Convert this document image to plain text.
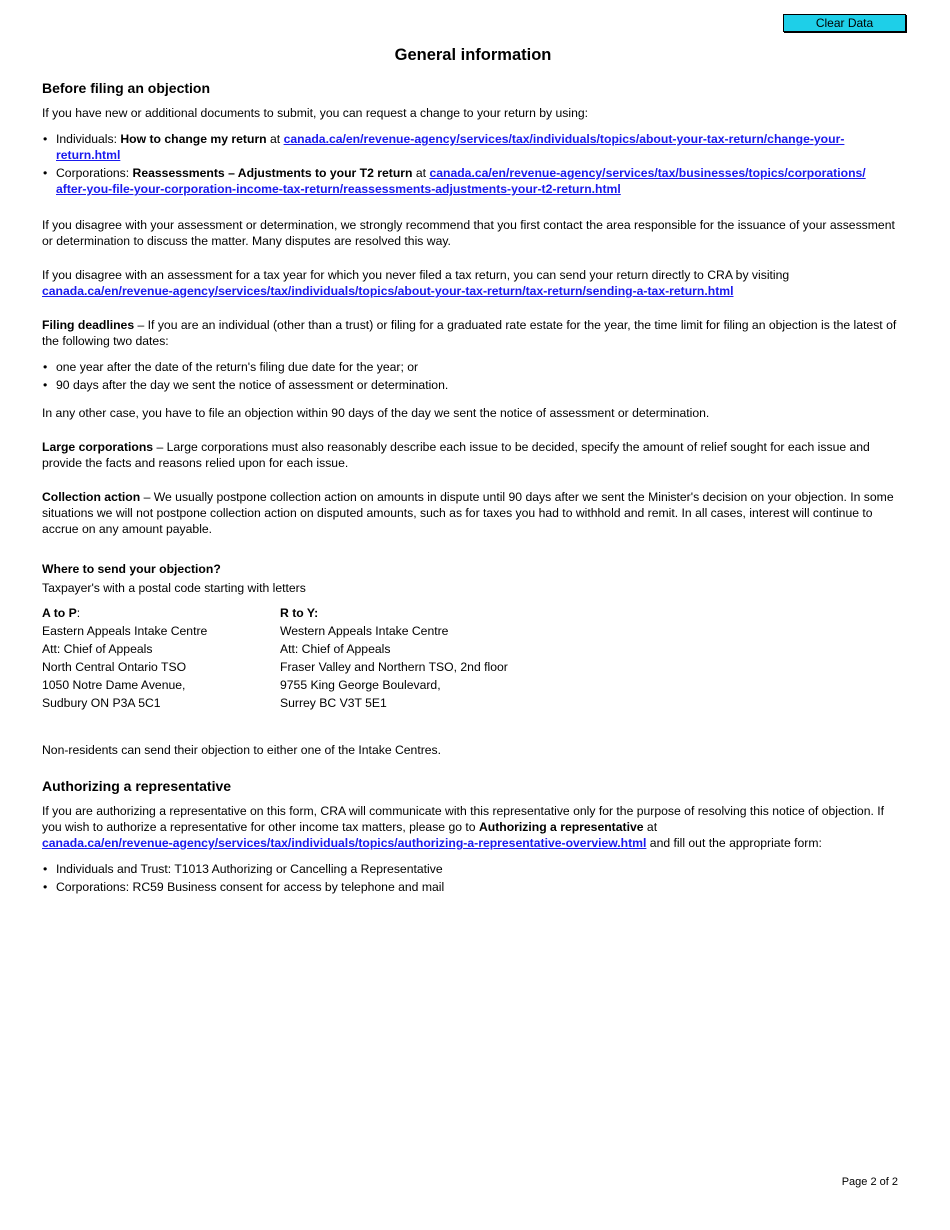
Clear Data
General information
Before filing an objection

If you have new or additional documents to submit, you can request a change to your return by using:

• Individuals: How to change my return at canada.ca/en/revenue-agency/services/tax/individuals/topics/about-your-tax-return/change-your-return.html
• Corporations: Reassessments – Adjustments to your T2 return at canada.ca/en/revenue-agency/services/tax/businesses/topics/corporations/
after-you-file-your-corporation-income-tax-return/reassessments-adjustments-your-t2-return.html

If you disagree with your assessment or determination, we strongly recommend that you first contact the area responsible for the issuance of your assessment or determination to discuss the matter. Many disputes are resolved this way.

If you disagree with an assessment for a tax year for which you never filed a tax return, you can send your return directly to CRA by visiting
canada.ca/en/revenue-agency/services/tax/individuals/topics/about-your-tax-return/tax-return/sending-a-tax-return.html

Filing deadlines – If you are an individual (other than a trust) or filing for a graduated rate estate for the year, the time limit for filing an objection is the latest of the following two dates:

• one year after the date of the return's filing due date for the year; or
• 90 days after the day we sent the notice of assessment or determination.

In any other case, you have to file an objection within 90 days of the day we sent the notice of assessment or determination.

Large corporations – Large corporations must also reasonably describe each issue to be decided, specify the amount of relief sought for each issue and provide the facts and reasons relied upon for each issue.

Collection action – We usually postpone collection action on amounts in dispute until 90 days after we sent the Minister's decision on your objection. In some situations we will not postpone collection action on disputed amounts, such as for taxes you had to withhold and remit. In all cases, interest will continue to accrue on any amount payable.

Where to send your objection?

Taxpayer's with a postal code starting with letters

A to P:
Eastern Appeals Intake Centre
Att: Chief of Appeals
North Central Ontario TSO
1050 Notre Dame Avenue,
Sudbury ON P3A 5C1
R to Y:
Western Appeals Intake Centre
Att: Chief of Appeals
Fraser Valley and Northern TSO, 2nd floor
9755 King George Boulevard,
Surrey BC V3T 5E1

Non-residents can send their objection to either one of the Intake Centres.

Authorizing a representative

If you are authorizing a representative on this form, CRA will communicate with this representative only for the purpose of resolving this notice of objection. If you wish to authorize a representative for other income tax matters, please go to Authorizing a representative at
canada.ca/en/revenue-agency/services/tax/individuals/topics/authorizing-a-representative-overview.html and fill out the appropriate form:

• Individuals and Trust: T1013 Authorizing or Cancelling a Representative
• Corporations: RC59 Business consent for access by telephone and mail
Page 2 of 2
